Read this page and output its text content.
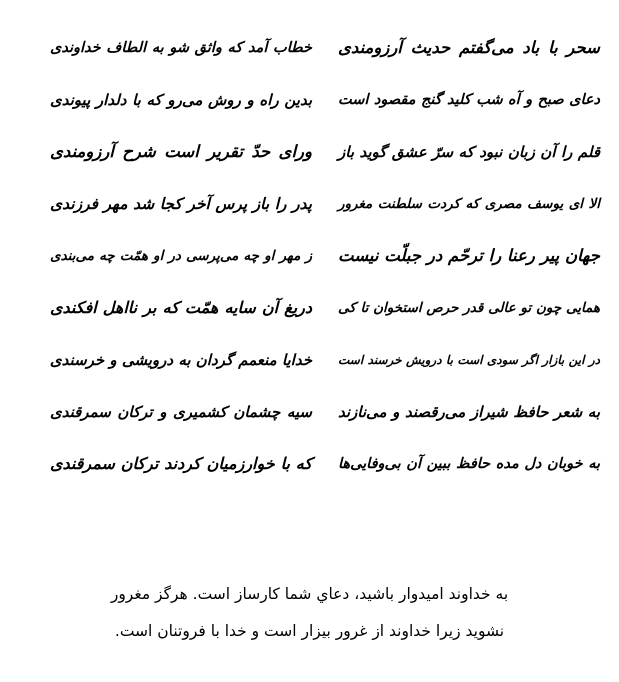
سحر با باد می‌گفتم حدیث آرزومندی
دعای صبح و آه شب کلید گنج مقصود است
قلم را آن زبان نبود که سرّ عشق گوید باز
الا ای یوسف مصری که کردت سلطنت مغرور
جهان پیر رعنا را ترحّم در جبلّت نیست
همایی چون تو عالی قدر حرص استخوان تا کی
در این بازار اگر سودی است با درویش خرسند است
به شعر حافظ شیراز می‌رقصند و می‌نازند
به خوبان دل مده حافظ ببین آن بی‌وفایی‌ها
خطاب آمد که واثق شو به الطاف خداوندی
بدین راه و روش می‌رو که با دلدار پیوندی
ورای حدّ تقریر است شرح آرزومندی
پدر را باز پرس آخر کجا شد مهر فرزندی
ز مهر او چه می‌پرسی در او همّت چه می‌بندی
دریغ آن سایه همّت که بر نااهل افکندی
خدایا منعمم گردان به درویشی و خرسندی
سیه چشمان کشمیری و ترکان سمرقندی
که با خوارزمیان کردند ترکان سمرقندی
به خداوند امیدوار باشید، دعاي شما کارساز است. هرگز مغرور
نشوید زیرا خداوند از غرور بیزار است و خدا با فروتنان است.
